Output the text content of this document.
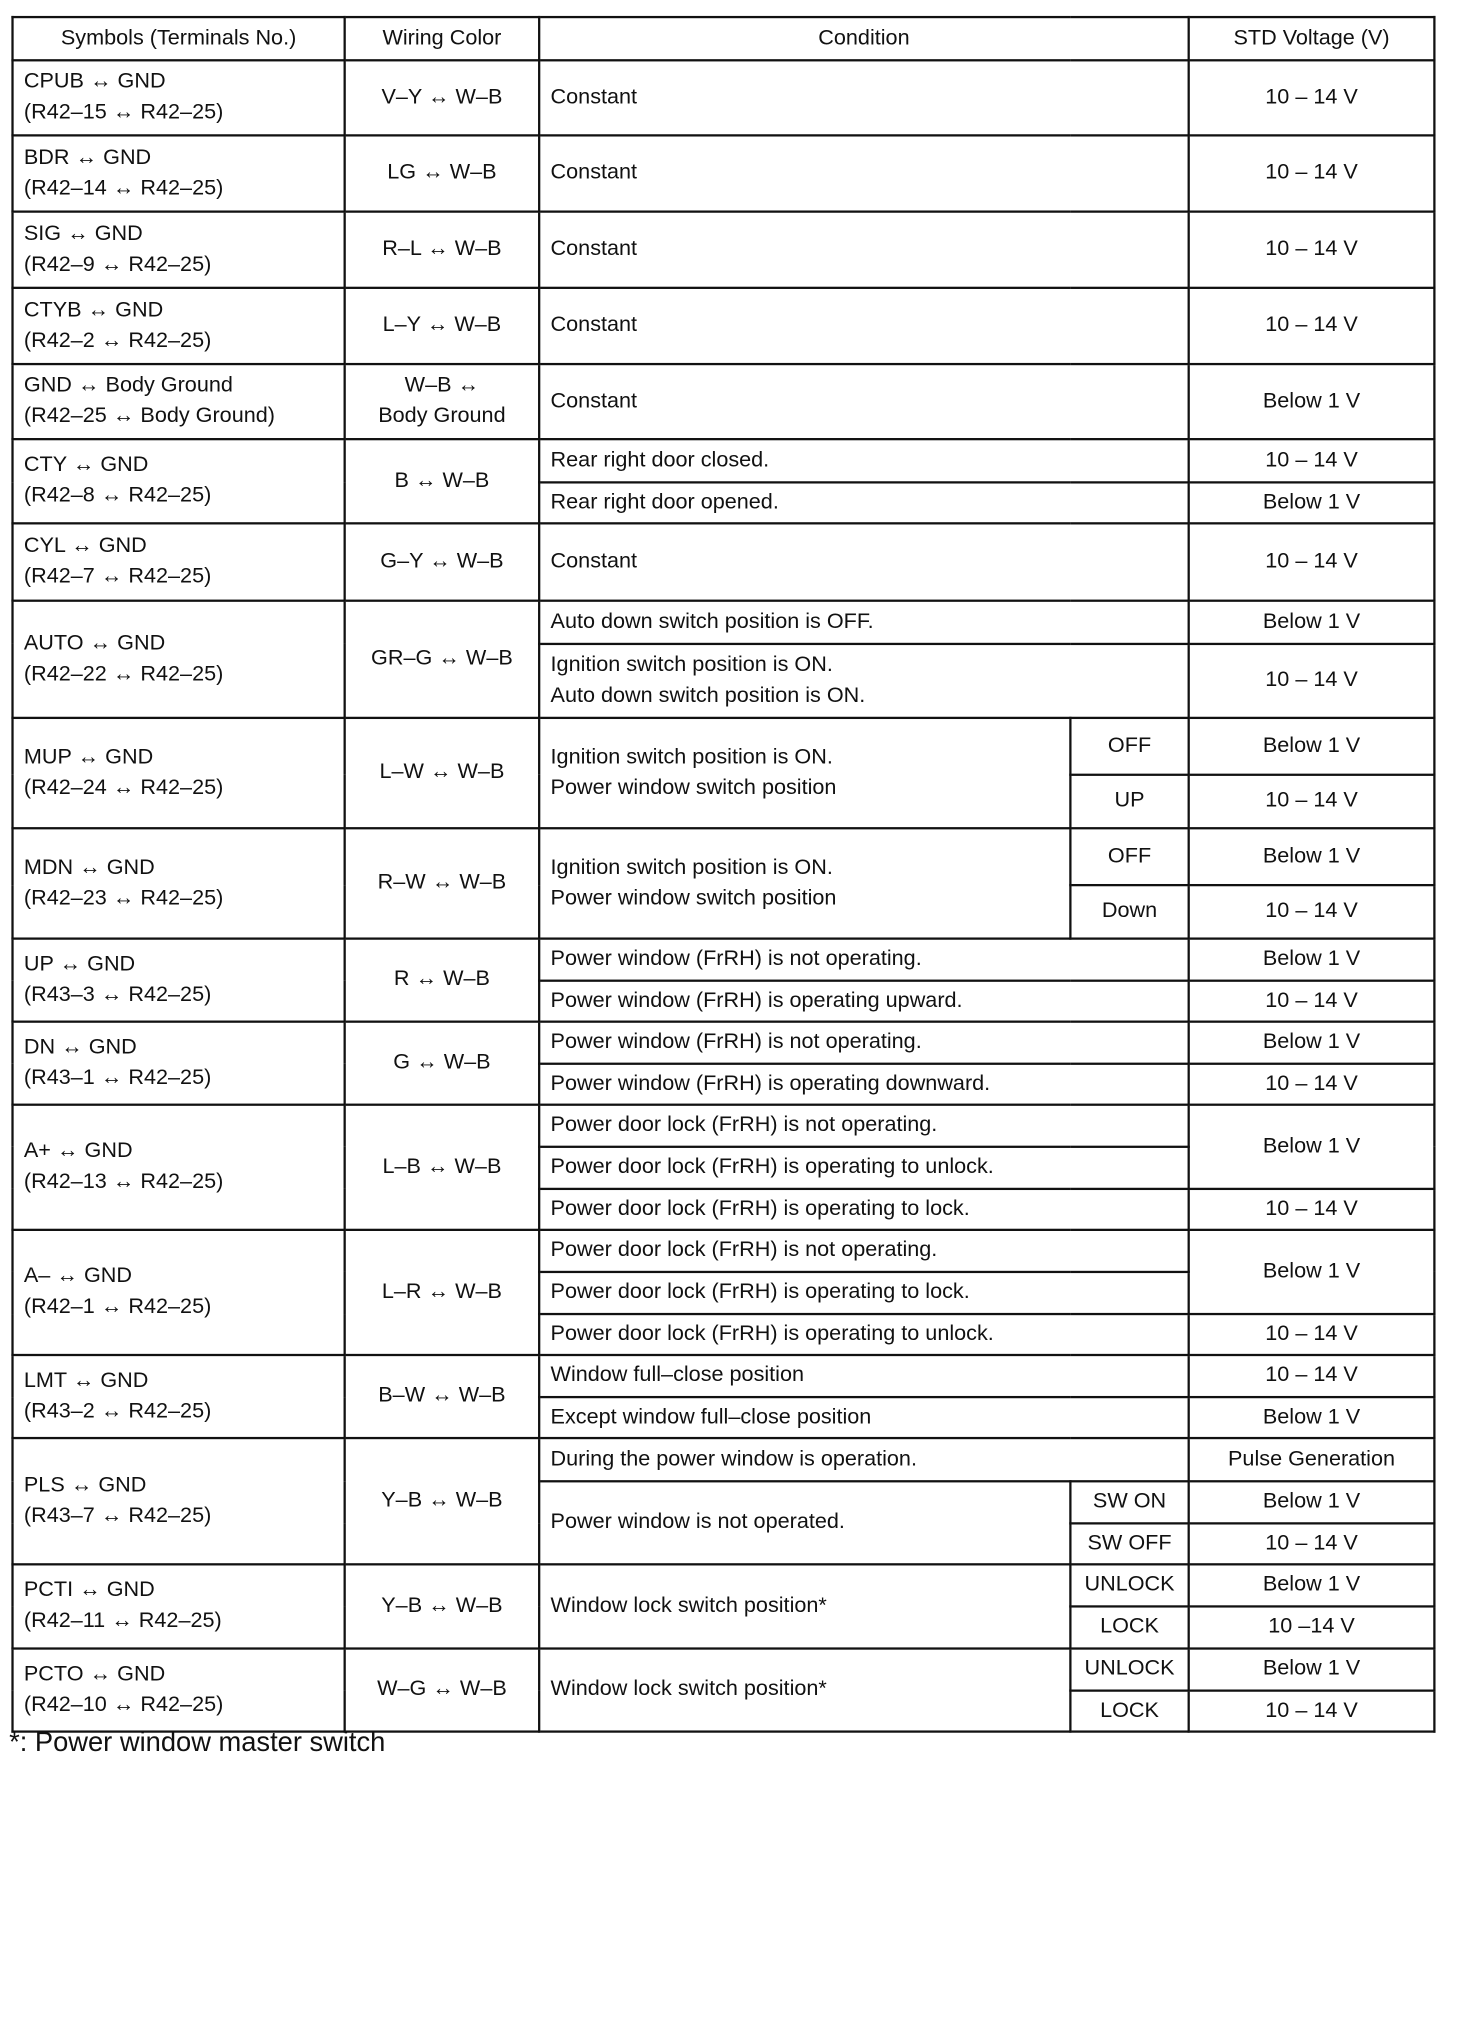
Symbols (Terminals No.)	Wiring Color	Condition		STD Voltage (V)

CPUB ↔ GND
(R42–15 ↔ R42–25)	V–Y ↔ W–B	Constant		10 – 14 V

BDR ↔ GND
(R42–14 ↔ R42–25)	LG ↔ W–B	Constant		10 – 14 V

SIG ↔ GND
(R42–9 ↔ R42–25)	R–L ↔ W–B	Constant		10 – 14 V

CTYB ↔ GND
(R42–2 ↔ R42–25)	L–Y ↔ W–B	Constant		10 – 14 V

GND ↔ Body Ground
(R42–25 ↔ Body Ground)	W–B ↔
Body Ground	Constant		Below 1 V

CTY ↔ GND
(R42–8 ↔ R42–25)	B ↔ W–B	Rear right door closed.		10 – 14 V
		Rear right door opened.		Below 1 V

CYL ↔ GND
(R42–7 ↔ R42–25)	G–Y ↔ W–B	Constant		10 – 14 V

AUTO ↔ GND
(R42–22 ↔ R42–25)	GR–G ↔ W–B	Auto down switch position is OFF.		Below 1 V

		Ignition switch position is ON.
Auto down switch position is ON.		10 – 14 V

MUP ↔ GND
(R42–24 ↔ R42–25)	L–W ↔ W–B	Ignition switch position is ON.
Power window switch position	OFF	Below 1 V
			UP	10 – 14 V

MDN ↔ GND
(R42–23 ↔ R42–25)	R–W ↔ W–B	Ignition switch position is ON.
Power window switch position	OFF	Below 1 V
			Down	10 – 14 V

UP ↔ GND
(R43–3 ↔ R42–25)	R ↔ W–B	Power window (FrRH) is not operating.		Below 1 V
		Power window (FrRH) is operating upward.		10 – 14 V

DN ↔ GND
(R43–1 ↔ R42–25)	G ↔ W–B	Power window (FrRH) is not operating.		Below 1 V
		Power window (FrRH) is operating downward.		10 – 14 V

A+ ↔ GND
(R42–13 ↔ R42–25)	L–B ↔ W–B	Power door lock (FrRH) is not operating.		Below 1 V
		Power door lock (FrRH) is operating to unlock.		
		Power door lock (FrRH) is operating to lock.		10 – 14 V

A– ↔ GND
(R42–1 ↔ R42–25)	L–R ↔ W–B	Power door lock (FrRH) is not operating.		Below 1 V
		Power door lock (FrRH) is operating to lock.		
		Power door lock (FrRH) is operating to unlock.		10 – 14 V

LMT ↔ GND
(R43–2 ↔ R42–25)	B–W ↔ W–B	Window full–close position		10 – 14 V
		Except window full–close position		Below 1 V

PLS ↔ GND
(R43–7 ↔ R42–25)	Y–B ↔ W–B	During the power window is operation.		Pulse Generation
		Power window is not operated.	SW ON	Below 1 V
			SW OFF	10 – 14 V

PCTI ↔ GND
(R42–11 ↔ R42–25)	Y–B ↔ W–B	Window lock switch position*	UNLOCK	Below 1 V
			LOCK	10 –14 V

PCTO ↔ GND
(R42–10 ↔ R42–25)	W–G ↔ W–B	Window lock switch position*	UNLOCK	Below 1 V
			LOCK	10 – 14 V
*: Power window master switch
